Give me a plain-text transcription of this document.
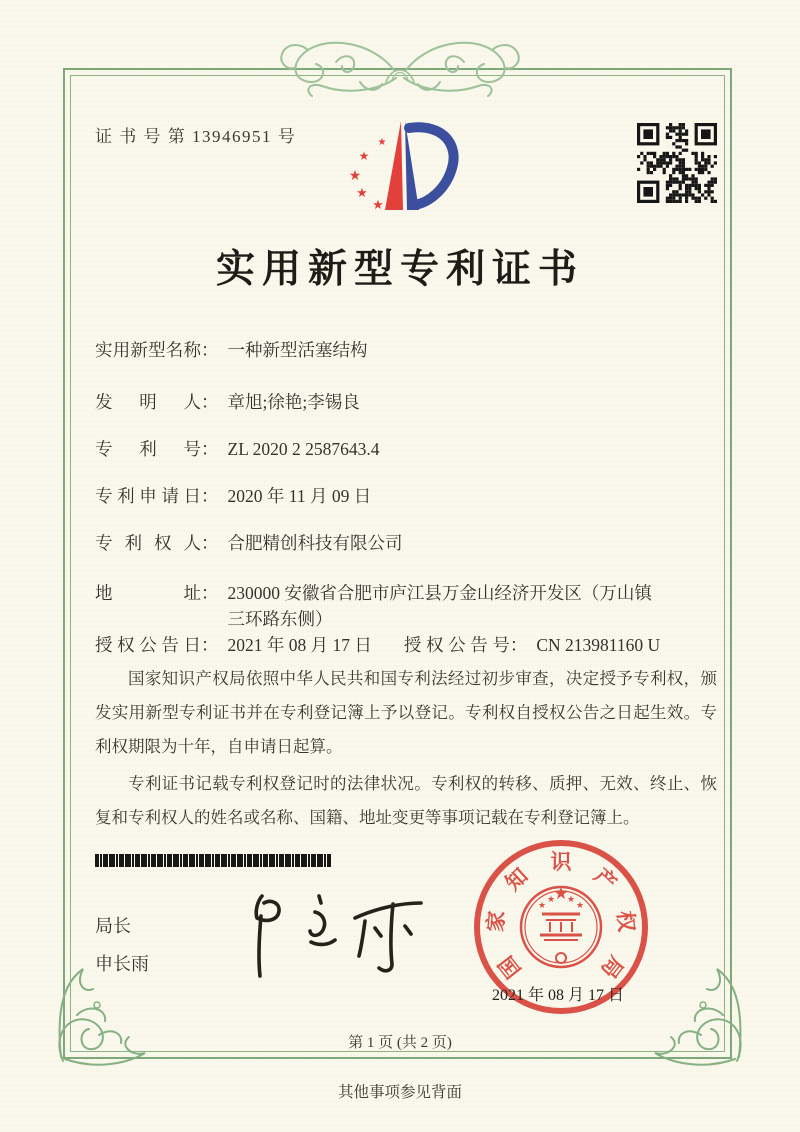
证 书 号 第 13946951 号	★
★
★
★
★
实用新型专利证书
实用新型名称 ： 一种新型活塞结构
发明人 ： 章旭;徐艳;李锡良
专利号 ： ZL 2020 2 2587643.4
专利申请日 ： 2020 年 11 月 09 日
专利权人 ： 合肥精创科技有限公司
地址 ： 230000 安徽省合肥市庐江县万金山经济开发区（万山镇三环路东侧）
授权公告日 ： 2021 年 08 月 17 日 授权公告号 ： CN 213981160 U

国家知识产权局依照中华人民共和国专利法经过初步审查，决定授予专利权，颁发实用新型专利证书并在专利登记簿上予以登记。专利权自授权公告之日起生效。专利权期限为十年，自申请日起算。

专利证书记载专利权登记时的法律状况。专利权的转移、质押、无效、终止、恢复和专利权人的姓名或名称、国籍、地址变更等事项记载在专利登记簿上。

局长
申长雨	国
家
知
识
产
权
局
★
★
★ ★
★
2021 年 08 月 17 日
第 1 页 (共 2 页)
其他事项参见背面
